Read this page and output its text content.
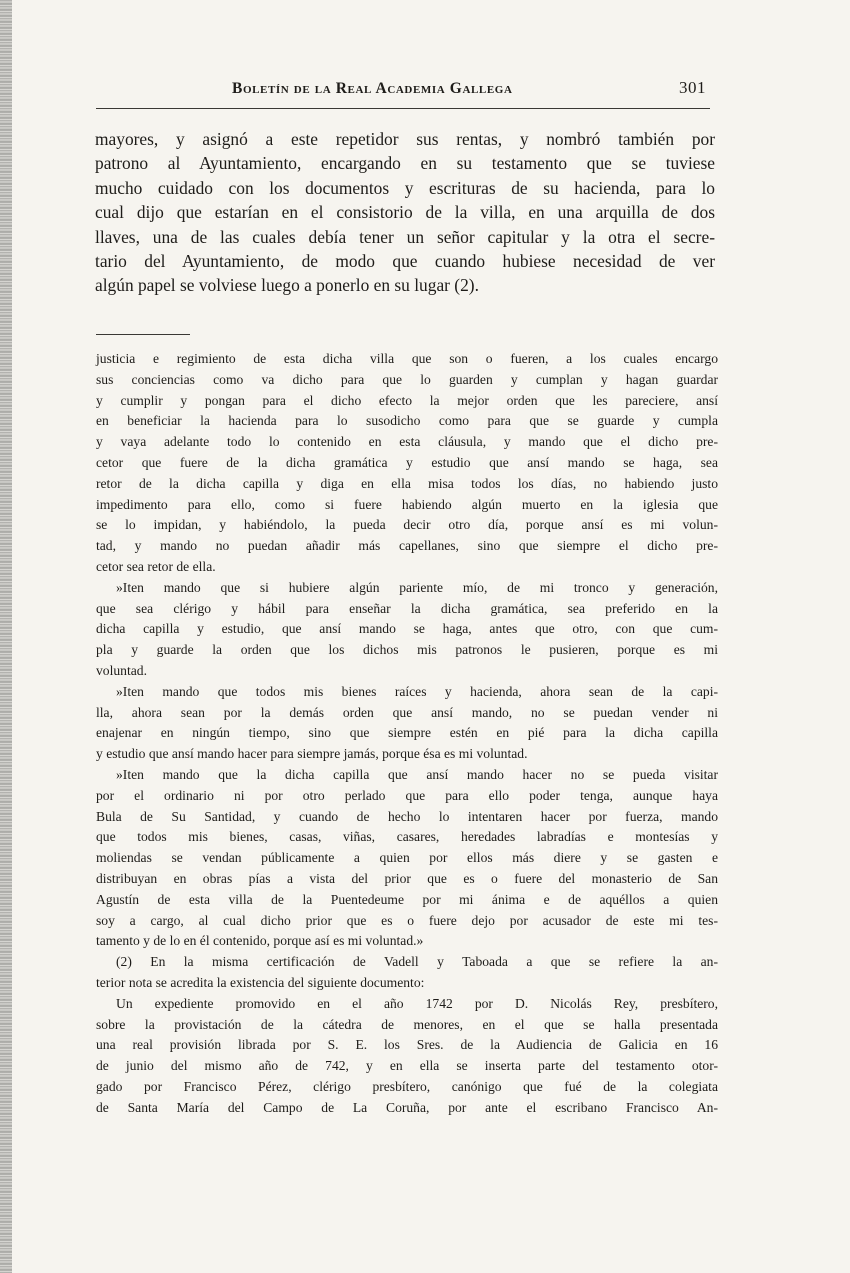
Boletín de la Real Academia Gallega	301
mayores, y asignó a este repetidor sus rentas, y nombró también por
patrono al Ayuntamiento, encargando en su testamento que se tuviese
mucho cuidado con los documentos y escrituras de su hacienda, para lo
cual dijo que estarían en el consistorio de la villa, en una arquilla de dos
llaves, una de las cuales debía tener un señor capitular y la otra el secre-
tario del Ayuntamiento, de modo que cuando hubiese necesidad de ver
algún papel se volviese luego a ponerlo en su lugar (2).
justicia e regimiento de esta dicha villa que son o fueren, a los cuales encargo
sus conciencias como va dicho para que lo guarden y cumplan y hagan guardar
y cumplir y pongan para el dicho efecto la mejor orden que les pareciere, ansí
en beneficiar la hacienda para lo susodicho como para que se guarde y cumpla
y vaya adelante todo lo contenido en esta cláusula, y mando que el dicho pre-
cetor que fuere de la dicha gramática y estudio que ansí mando se haga, sea
retor de la dicha capilla y diga en ella misa todos los días, no habiendo justo
impedimento para ello, como si fuere habiendo algún muerto en la iglesia que
se lo impidan, y habiéndolo, la pueda decir otro día, porque ansí es mi volun-
tad, y mando no puedan añadir más capellanes, sino que siempre el dicho pre-
cetor sea retor de ella.
»Iten mando que si hubiere algún pariente mío, de mi tronco y generación,
que sea clérigo y hábil para enseñar la dicha gramática, sea preferido en la
dicha capilla y estudio, que ansí mando se haga, antes que otro, con que cum-
pla y guarde la orden que los dichos mis patronos le pusieren, porque es mi
voluntad.
»Iten mando que todos mis bienes raíces y hacienda, ahora sean de la capi-
lla, ahora sean por la demás orden que ansí mando, no se puedan vender ni
enajenar en ningún tiempo, sino que siempre estén en pié para la dicha capilla
y estudio que ansí mando hacer para siempre jamás, porque ésa es mi voluntad.
»Iten mando que la dicha capilla que ansí mando hacer no se pueda visitar
por el ordinario ni por otro perlado que para ello poder tenga, aunque haya
Bula de Su Santidad, y cuando de hecho lo intentaren hacer por fuerza, mando
que todos mis bienes, casas, viñas, casares, heredades labradías e montesías y
moliendas se vendan públicamente a quien por ellos más diere y se gasten e
distribuyan en obras pías a vista del prior que es o fuere del monasterio de San
Agustín de esta villa de la Puentedeume por mi ánima e de aquéllos a quien
soy a cargo, al cual dicho prior que es o fuere dejo por acusador de este mi tes-
tamento y de lo en él contenido, porque así es mi voluntad.»
(2) En la misma certificación de Vadell y Taboada a que se refiere la an-
terior nota se acredita la existencia del siguiente documento:
Un expediente promovido en el año 1742 por D. Nicolás Rey, presbítero,
sobre la provistación de la cátedra de menores, en el que se halla presentada
una real provisión librada por S. E. los Sres. de la Audiencia de Galicia en 16
de junio del mismo año de 742, y en ella se inserta parte del testamento otor-
gado por Francisco Pérez, clérigo presbítero, canónigo que fué de la colegiata
de Santa María del Campo de La Coruña, por ante el escribano Francisco An-
